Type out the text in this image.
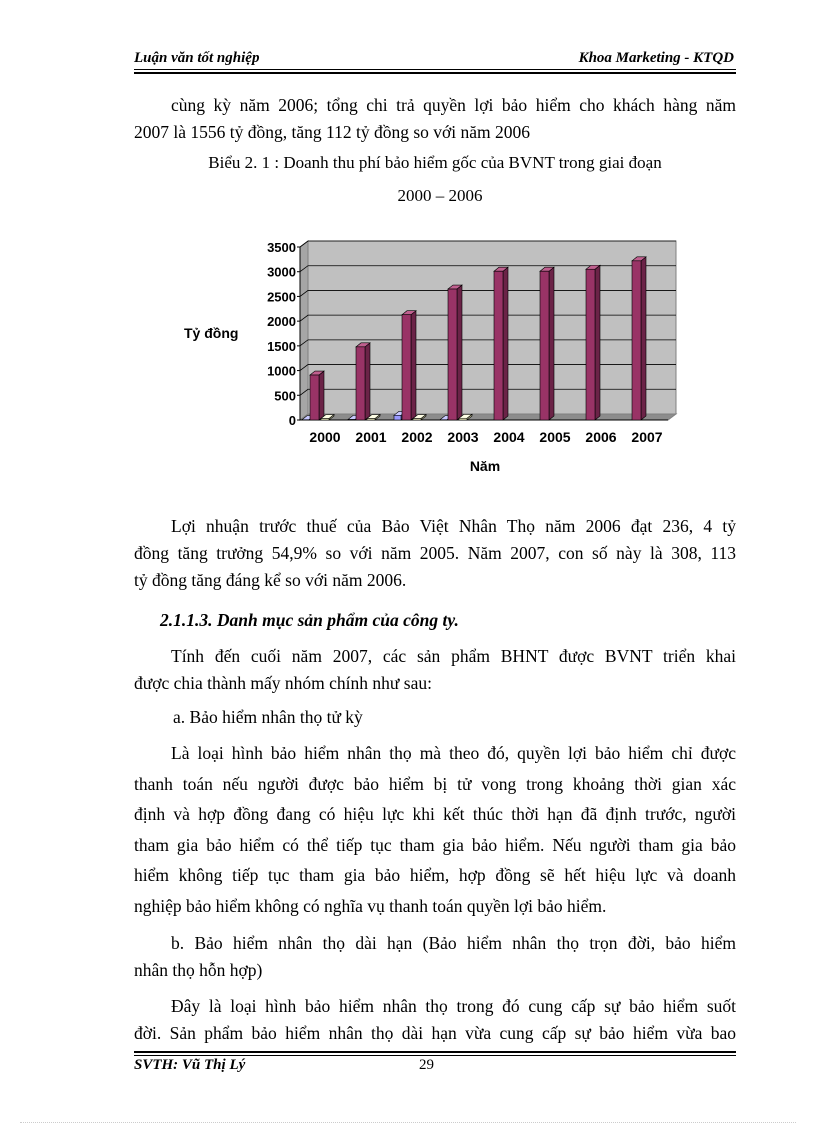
Luận văn tốt nghiệp	Khoa Marketing - KTQD
cùng kỳ năm 2006; tổng chi trả quyền lợi bảo hiểm cho khách hàng năm
2007 là 1556 tỷ đồng, tăng 112 tỷ đồng so với năm 2006
Biểu 2. 1 : Doanh thu phí bảo hiểm gốc của BVNT trong giai đoạn
2000 – 2006
0
500
1000
1500
2000
2500
3000
3500
2000 2001 2002 2003 2004 2005 2006 2007
Tỷ đồng
Năm
Lợi nhuận trước thuế của Bảo Việt Nhân Thọ năm 2006 đạt 236, 4 tỷ
đồng tăng trưởng 54,9% so với năm 2005. Năm 2007, con số này là 308, 113
tỷ đồng tăng đáng kể so với năm 2006.
2.1.1.3. Danh mục sản phẩm của công ty.
Tính đến cuối năm 2007, các sản phẩm BHNT được BVNT triển khai
được chia thành mấy nhóm chính như sau:
a. Bảo hiểm nhân thọ tử kỳ
Là loại hình bảo hiểm nhân thọ mà theo đó, quyền lợi bảo hiểm chỉ được
thanh toán nếu người được bảo hiểm bị tử vong trong khoảng thời gian xác
định và hợp đồng đang có hiệu lực khi kết thúc thời hạn đã định trước, người
tham gia bảo hiểm có thể tiếp tục tham gia bảo hiểm. Nếu người tham gia bảo
hiểm không tiếp tục tham gia bảo hiểm, hợp đồng sẽ hết hiệu lực và doanh
nghiệp bảo hiểm không có nghĩa vụ thanh toán quyền lợi bảo hiểm.
b. Bảo hiểm nhân thọ dài hạn (Bảo hiểm nhân thọ trọn đời, bảo hiểm
nhân thọ hỗn hợp)
Đây là loại hình bảo hiểm nhân thọ trong đó cung cấp sự bảo hiểm suốt
đời. Sản phẩm bảo hiểm nhân thọ dài hạn vừa cung cấp sự bảo hiểm vừa bao
SVTH: Vũ Thị Lý	29
